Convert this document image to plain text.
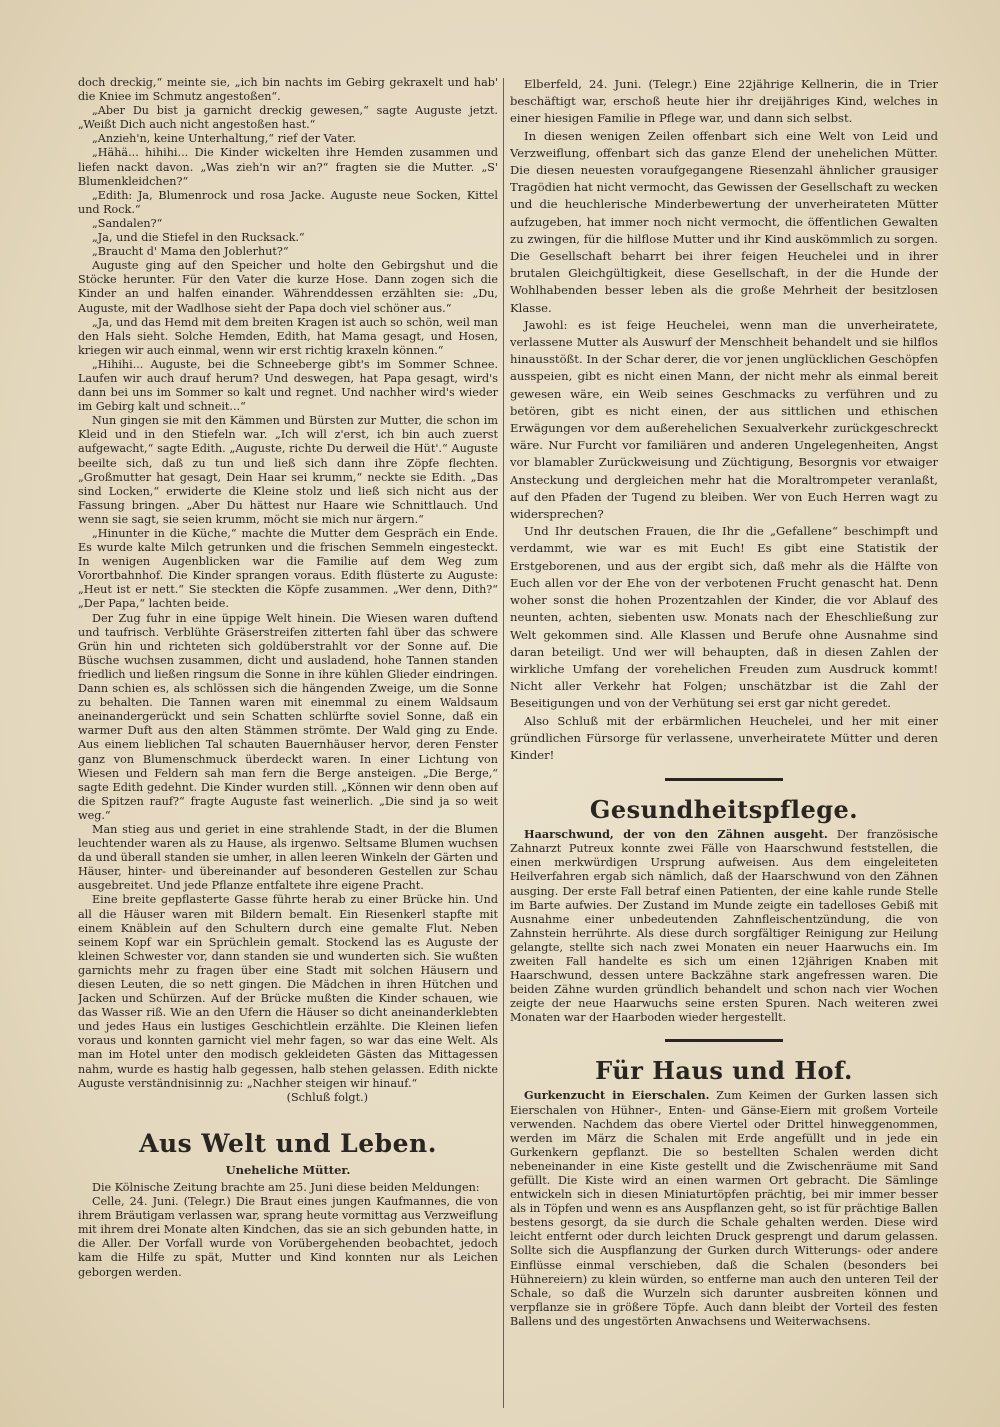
doch dreckig,“ meinte sie, „ich bin nachts im Gebirg gekraxelt und hab' die Kniee im Schmutz angestoßen“.

„Aber Du bist ja garnicht dreckig gewesen,“ sagte Auguste jetzt. „Weißt Dich auch nicht angestoßen hast.“

„Anzieh'n, keine Unterhaltung,“ rief der Vater.

„Hähä... hihihi... Die Kinder wickelten ihre Hemden zusammen und liefen nackt davon. „Was zieh'n wir an?“ fragten sie die Mutter. „S' Blumenkleidchen?“

„Edith: Ja, Blumenrock und rosa Jacke. Auguste neue Socken, Kittel und Rock.“

„Sandalen?“

„Ja, und die Stiefel in den Rucksack.“

„Braucht d' Mama den Joblerhut?“

Auguste ging auf den Speicher und holte den Gebirgshut und die Stöcke herunter. Für den Vater die kurze Hose. Dann zogen sich die Kinder an und halfen einander. Währenddessen erzählten sie: „Du, Auguste, mit der Wadlhose sieht der Papa doch viel schöner aus.“

„Ja, und das Hemd mit dem breiten Kragen ist auch so schön, weil man den Hals sieht. Solche Hemden, Edith, hat Mama gesagt, und Hosen, kriegen wir auch einmal, wenn wir erst richtig kraxeln können.“

„Hihihi... Auguste, bei die Schneeberge gibt's im Sommer Schnee. Laufen wir auch drauf herum? Und deswegen, hat Papa gesagt, wird's dann bei uns im Sommer so kalt und regnet. Und nachher wird's wieder im Gebirg kalt und schneit...“

Nun gingen sie mit den Kämmen und Bürsten zur Mutter, die schon im Kleid und in den Stiefeln war. „Ich will z'erst, ich bin auch zuerst aufgewacht,“ sagte Edith. „Auguste, richte Du derweil die Hüt'.“ Auguste beeilte sich, daß zu tun und ließ sich dann ihre Zöpfe flechten. „Großmutter hat gesagt, Dein Haar sei krumm,“ neckte sie Edith. „Das sind Locken,“ erwiderte die Kleine stolz und ließ sich nicht aus der Fassung bringen. „Aber Du hättest nur Haare wie Schnittlauch. Und wenn sie sagt, sie seien krumm, möcht sie mich nur ärgern.“

„Hinunter in die Küche,“ machte die Mutter dem Gespräch ein Ende. Es wurde kalte Milch getrunken und die frischen Semmeln eingesteckt. In wenigen Augenblicken war die Familie auf dem Weg zum Vorortbahnhof. Die Kinder sprangen voraus. Edith flüsterte zu Auguste: „Heut ist er nett.“ Sie steckten die Köpfe zusammen. „Wer denn, Dith?“ „Der Papa,“ lachten beide.

Der Zug fuhr in eine üppige Welt hinein. Die Wiesen waren duftend und taufrisch. Verblühte Gräserstreifen zitterten fahl über das schwere Grün hin und richteten sich goldüberstrahlt vor der Sonne auf. Die Büsche wuchsen zusammen, dicht und ausladend, hohe Tannen standen friedlich und ließen ringsum die Sonne in ihre kühlen Glieder eindringen. Dann schien es, als schlössen sich die hängenden Zweige, um die Sonne zu behalten. Die Tannen waren mit einemmal zu einem Waldsaum aneinandergerückt und sein Schatten schlürfte soviel Sonne, daß ein warmer Duft aus den alten Stämmen strömte. Der Wald ging zu Ende. Aus einem lieblichen Tal schauten Bauernhäuser hervor, deren Fenster ganz von Blumenschmuck überdeckt waren. In einer Lichtung von Wiesen und Feldern sah man fern die Berge ansteigen. „Die Berge,“ sagte Edith gedehnt. Die Kinder wurden still. „Können wir denn oben auf die Spitzen rauf?“ fragte Auguste fast weinerlich. „Die sind ja so weit weg.“

Man stieg aus und geriet in eine strahlende Stadt, in der die Blumen leuchtender waren als zu Hause, als irgenwo. Seltsame Blumen wuchsen da und überall standen sie umher, in allen leeren Winkeln der Gärten und Häuser, hinter- und übereinander auf besonderen Gestellen zur Schau ausgebreitet. Und jede Pflanze entfaltete ihre eigene Pracht.

Eine breite gepflasterte Gasse führte herab zu einer Brücke hin. Und all die Häuser waren mit Bildern bemalt. Ein Riesenkerl stapfte mit einem Knäblein auf den Schultern durch eine gemalte Flut. Neben seinem Kopf war ein Sprüchlein gemalt. Stockend las es Auguste der kleinen Schwester vor, dann standen sie und wunderten sich. Sie wußten garnichts mehr zu fragen über eine Stadt mit solchen Häusern und diesen Leuten, die so nett gingen. Die Mädchen in ihren Hütchen und Jacken und Schürzen. Auf der Brücke mußten die Kinder schauen, wie das Wasser riß. Wie an den Ufern die Häuser so dicht aneinanderklebten und jedes Haus ein lustiges Geschichtlein erzählte. Die Kleinen liefen voraus und konnten garnicht viel mehr fagen, so war das eine Welt. Als man im Hotel unter den modisch gekleideten Gästen das Mittagessen nahm, wurde es hastig halb gegessen, halb stehen gelassen. Edith nickte Auguste verständnisinnig zu: „Nachher steigen wir hinauf.“

(Schluß folgt.)

Aus Welt und Leben.
Uneheliche Mütter.

Die Kölnische Zeitung brachte am 25. Juni diese beiden Meldungen:

Celle, 24. Juni. (Telegr.) Die Braut eines jungen Kaufmannes, die von ihrem Bräutigam verlassen war, sprang heute vormittag aus Verzweiflung mit ihrem drei Monate alten Kindchen, das sie an sich gebunden hatte, in die Aller. Der Vorfall wurde von Vorübergehenden beobachtet, jedoch kam die Hilfe zu spät, Mutter und Kind konnten nur als Leichen geborgen werden.

Elberfeld, 24. Juni. (Telegr.) Eine 22jährige Kellnerin, die in Trier beschäftigt war, erschoß heute hier ihr dreijähriges Kind, welches in einer hiesigen Familie in Pflege war, und dann sich selbst.

In diesen wenigen Zeilen offenbart sich eine Welt von Leid und Verzweiflung, offenbart sich das ganze Elend der unehelichen Mütter. Die diesen neuesten voraufgegangene Riesenzahl ähnlicher grausiger Tragödien hat nicht vermocht, das Gewissen der Gesellschaft zu wecken und die heuchlerische Minderbewertung der unverheirateten Mütter aufzugeben, hat immer noch nicht vermocht, die öffentlichen Gewalten zu zwingen, für die hilflose Mutter und ihr Kind auskömmlich zu sorgen. Die Gesellschaft beharrt bei ihrer feigen Heuchelei und in ihrer brutalen Gleichgültigkeit, diese Gesellschaft, in der die Hunde der Wohlhabenden besser leben als die große Mehrheit der besitzlosen Klasse.

Jawohl: es ist feige Heuchelei, wenn man die unverheiratete, verlassene Mutter als Auswurf der Menschheit behandelt und sie hilflos hinausstößt. In der Schar derer, die vor jenen unglücklichen Geschöpfen ausspeien, gibt es nicht einen Mann, der nicht mehr als einmal bereit gewesen wäre, ein Weib seines Geschmacks zu verführen und zu betören, gibt es nicht einen, der aus sittlichen und ethischen Erwägungen vor dem außerehelichen Sexualverkehr zurückgeschreckt wäre. Nur Furcht vor familiären und anderen Ungelegenheiten, Angst vor blamabler Zurückweisung und Züchtigung, Besorgnis vor etwaiger Ansteckung und dergleichen mehr hat die Moraltrompeter veranlaßt, auf den Pfaden der Tugend zu bleiben. Wer von Euch Herren wagt zu widersprechen?

Und Ihr deutschen Frauen, die Ihr die „Gefallene“ beschimpft und verdammt, wie war es mit Euch! Es gibt eine Statistik der Erstgeborenen, und aus der ergibt sich, daß mehr als die Hälfte von Euch allen vor der Ehe von der verbotenen Frucht genascht hat. Denn woher sonst die hohen Prozentzahlen der Kinder, die vor Ablauf des neunten, achten, siebenten usw. Monats nach der Eheschließung zur Welt gekommen sind. Alle Klassen und Berufe ohne Ausnahme sind daran beteiligt. Und wer will behaupten, daß in diesen Zahlen der wirkliche Umfang der vorehelichen Freuden zum Ausdruck kommt! Nicht aller Verkehr hat Folgen; unschätzbar ist die Zahl der Beseitigungen und von der Verhütung sei erst gar nicht geredet.

Also Schluß mit der erbärmlichen Heuchelei, und her mit einer gründlichen Fürsorge für verlassene, unverheiratete Mütter und deren Kinder!

Gesundheitspflege.

Haarschwund, der von den Zähnen ausgeht. Der französische Zahnarzt Putreux konnte zwei Fälle von Haarschwund feststellen, die einen merkwürdigen Ursprung aufweisen. Aus dem eingeleiteten Heilverfahren ergab sich nämlich, daß der Haarschwund von den Zähnen ausging. Der erste Fall betraf einen Patienten, der eine kahle runde Stelle im Barte aufwies. Der Zustand im Munde zeigte ein tadelloses Gebiß mit Ausnahme einer unbedeutenden Zahnfleischentzündung, die von Zahnstein herrührte. Als diese durch sorgfältiger Reinigung zur Heilung gelangte, stellte sich nach zwei Monaten ein neuer Haarwuchs ein. Im zweiten Fall handelte es sich um einen 12jährigen Knaben mit Haarschwund, dessen untere Backzähne stark angefressen waren. Die beiden Zähne wurden gründlich behandelt und schon nach vier Wochen zeigte der neue Haarwuchs seine ersten Spuren. Nach weiteren zwei Monaten war der Haarboden wieder hergestellt.

Für Haus und Hof.

Gurkenzucht in Eierschalen. Zum Keimen der Gurken lassen sich Eierschalen von Hühner-, Enten- und Gänse-Eiern mit großem Vorteile verwenden. Nachdem das obere Viertel oder Drittel hinweggenommen, werden im März die Schalen mit Erde angefüllt und in jede ein Gurkenkern gepflanzt. Die so bestellten Schalen werden dicht nebeneinander in eine Kiste gestellt und die Zwischenräume mit Sand gefüllt. Die Kiste wird an einen warmen Ort gebracht. Die Sämlinge entwickeln sich in diesen Miniaturtöpfen prächtig, bei mir immer besser als in Töpfen und wenn es ans Auspflanzen geht, so ist für prächtige Ballen bestens gesorgt, da sie durch die Schale gehalten werden. Diese wird leicht entfernt oder durch leichten Druck gesprengt und darum gelassen. Sollte sich die Auspflanzung der Gurken durch Witterungs- oder andere Einflüsse einmal verschieben, daß die Schalen (besonders bei Hühnereiern) zu klein würden, so entferne man auch den unteren Teil der Schale, so daß die Wurzeln sich darunter ausbreiten können und verpflanze sie in größere Töpfe. Auch dann bleibt der Vorteil des festen Ballens und des ungestörten Anwachsens und Weiterwachsens.
